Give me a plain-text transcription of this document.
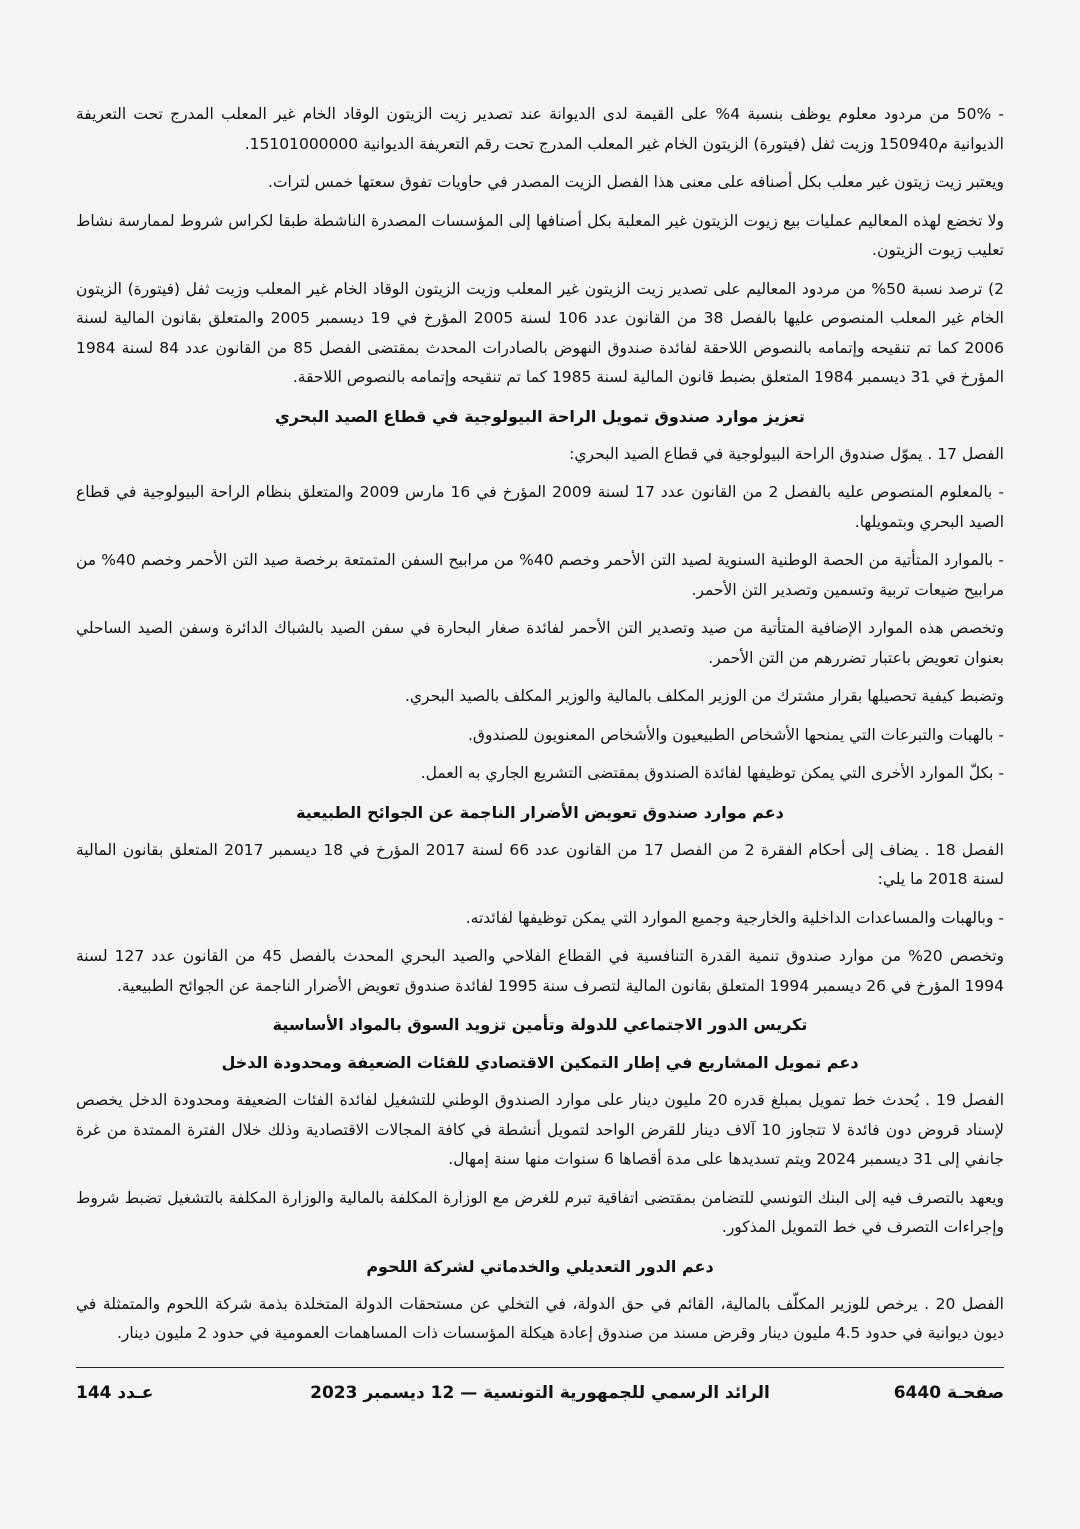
- 50% من مردود معلوم يوظف بنسبة 4% على القيمة لدى الديوانة عند تصدير زيت الزيتون الوقاد الخام غير المعلب المدرج تحت التعريفة الديوانية م150940 وزيت ثفل (فيتورة) الزيتون الخام غير المعلب المدرج تحت رقم التعريفة الديوانية 15101000000.

ويعتبر زيت زيتون غير معلب بكل أصنافه على معنى هذا الفصل الزيت المصدر في حاويات تفوق سعتها خمس لترات.

ولا تخضع لهذه المعاليم عمليات بيع زيوت الزيتون غير المعلبة بكل أصنافها إلى المؤسسات المصدرة الناشطة طبقا لكراس شروط لممارسة نشاط تعليب زيوت الزيتون.

2) ترصد نسبة 50% من مردود المعاليم على تصدير زيت الزيتون غير المعلب وزيت الزيتون الوقاد الخام غير المعلب وزيت ثفل (فيتورة) الزيتون الخام غير المعلب المنصوص عليها بالفصل 38 من القانون عدد 106 لسنة 2005 المؤرخ في 19 ديسمبر 2005 والمتعلق بقانون المالية لسنة 2006 كما تم تنقيحه وإتمامه بالنصوص اللاحقة لفائدة صندوق النهوض بالصادرات المحدث بمقتضى الفصل 85 من القانون عدد 84 لسنة 1984 المؤرخ في 31 ديسمبر 1984 المتعلق بضبط قانون المالية لسنة 1985 كما تم تنقيحه وإتمامه بالنصوص اللاحقة.

تعزيز موارد صندوق تمويل الراحة البيولوجية في قطاع الصيد البحري

الفصل 17 . يموّل صندوق الراحة البيولوجية في قطاع الصيد البحري:

- بالمعلوم المنصوص عليه بالفصل 2 من القانون عدد 17 لسنة 2009 المؤرخ في 16 مارس 2009 والمتعلق بنظام الراحة البيولوجية في قطاع الصيد البحري وبتمويلها.

- بالموارد المتأتية من الحصة الوطنية السنوية لصيد التن الأحمر وخصم 40% من مرابيح السفن المتمتعة برخصة صيد التن الأحمر وخصم 40% من مرابيح ضيعات تربية وتسمين وتصدير التن الأحمر.

وتخصص هذه الموارد الإضافية المتأتية من صيد وتصدير التن الأحمر لفائدة صغار البحارة في سفن الصيد بالشباك الدائرة وسفن الصيد الساحلي بعنوان تعويض باعتبار تضررهم من التن الأحمر.

وتضبط كيفية تحصيلها بقرار مشترك من الوزير المكلف بالمالية والوزير المكلف بالصيد البحري.

- بالهبات والتبرعات التي يمنحها الأشخاص الطبيعيون والأشخاص المعنويون للصندوق.

- بكلّ الموارد الأخرى التي يمكن توظيفها لفائدة الصندوق بمقتضى التشريع الجاري به العمل.

دعم موارد صندوق تعويض الأضرار الناجمة عن الجوائح الطبيعية

الفصل 18 . يضاف إلى أحكام الفقرة 2 من الفصل 17 من القانون عدد 66 لسنة 2017 المؤرخ في 18 ديسمبر 2017 المتعلق بقانون المالية لسنة 2018 ما يلي:

- وبالهبات والمساعدات الداخلية والخارجية وجميع الموارد التي يمكن توظيفها لفائدته.

وتخصص 20% من موارد صندوق تنمية القدرة التنافسية في القطاع الفلاحي والصيد البحري المحدث بالفصل 45 من القانون عدد 127 لسنة 1994 المؤرخ في 26 ديسمبر 1994 المتعلق بقانون المالية لتصرف سنة 1995 لفائدة صندوق تعويض الأضرار الناجمة عن الجوائح الطبيعية.

تكريس الدور الاجتماعي للدولة وتأمين تزويد السوق بالمواد الأساسية
دعم تمويل المشاريع في إطار التمكين الاقتصادي للفئات الضعيفة ومحدودة الدخل

الفصل 19 . يُحدث خط تمويل بمبلغ قدره 20 مليون دينار على موارد الصندوق الوطني للتشغيل لفائدة الفئات الضعيفة ومحدودة الدخل يخصص لإسناد قروض دون فائدة لا تتجاوز 10 آلاف دينار للقرض الواحد لتمويل أنشطة في كافة المجالات الاقتصادية وذلك خلال الفترة الممتدة من غرة جانفي إلى 31 ديسمبر 2024 ويتم تسديدها على مدة أقصاها 6 سنوات منها سنة إمهال.

ويعهد بالتصرف فيه إلى البنك التونسي للتضامن بمقتضى اتفاقية تبرم للغرض مع الوزارة المكلفة بالمالية والوزارة المكلفة بالتشغيل تضبط شروط وإجراءات التصرف في خط التمويل المذكور.

دعم الدور التعديلي والخدماتي لشركة اللحوم

الفصل 20 . يرخص للوزير المكلّف بالمالية، القائم في حق الدولة، في التخلي عن مستحقات الدولة المتخلدة بذمة شركة اللحوم والمتمثلة في ديون ديوانية في حدود 4.5 مليون دينار وقرض مسند من صندوق إعادة هيكلة المؤسسات ذات المساهمات العمومية في حدود 2 مليون دينار.

عـدد 144	الرائد الرسمي للجمهورية التونسية — 12 ديسمبر 2023	صفحـة 6440
